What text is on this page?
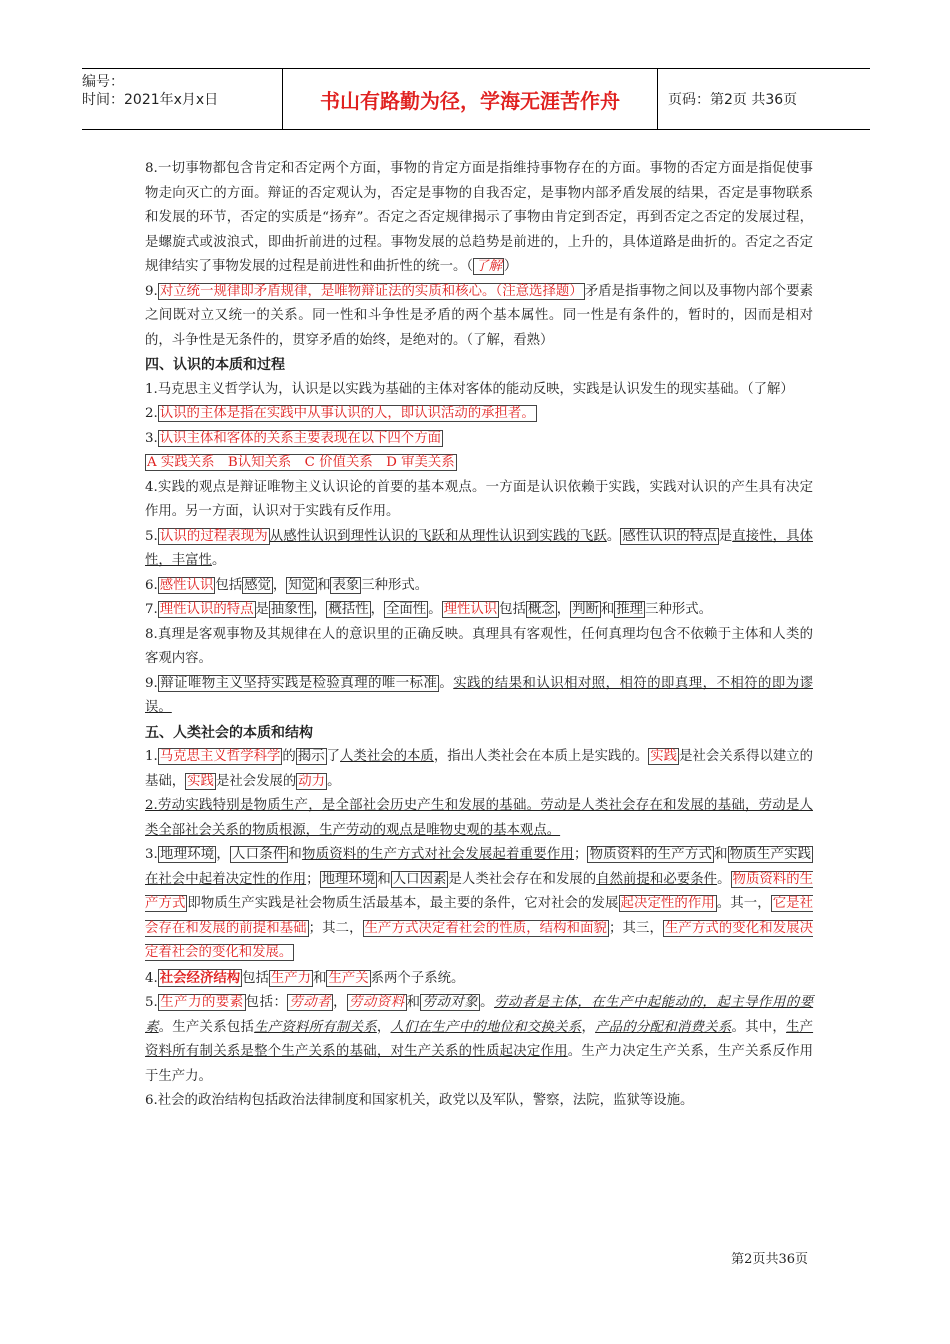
编号：
时间：2021年x月x日	书山有路勤为径，学海无涯苦作舟	页码：第2页 共36页
8.一切事物都包含肯定和否定两个方面，事物的肯定方面是指维持事物存在的方面。事物的否定方面是指促使事物走向灭亡的方面。辩证的否定观认为，否定是事物的自我否定，是事物内部矛盾发展的结果，否定是事物联系和发展的环节，否定的实质是“扬弃”。否定之否定规律揭示了事物由肯定到否定，再到否定之否定的发展过程，是螺旋式或波浪式，即曲折前进的过程。事物发展的总趋势是前进的，上升的，具体道路是曲折的。否定之否定规律结实了事物发展的过程是前进性和曲折性的统一。（ 了解 ）
9. 对立统一规律即矛盾规律，是唯物辩证法的实质和核心。（注意选择题） 矛盾是指事物之间以及事物内部个要素之间既对立又统一的关系。同一性和斗争性是矛盾的两个基本属性。同一性是有条件的，暂时的，因而是相对的，斗争性是无条件的，贯穿矛盾的始终，是绝对的。（了解，看熟）
四、认识的本质和过程
1.马克思主义哲学认为，认识是以实践为基础的主体对客体的能动反映，实践是认识发生的现实基础。（了解）
2. 认识的主体是指在实践中从事认识的人，即认识活动的承担者。
3. 认识主体和客体的关系主要表现在以下四个方面
A 实践关系　B认知关系　C 价值关系　D 审美关系
4.实践的观点是辩证唯物主义认识论的首要的基本观点。一方面是认识依赖于实践，实践对认识的产生具有决定作用。另一方面，认识对于实践有反作用。
5. 认识的过程表现为 从感性认识到理性认识的飞跃和从理性认识到实践的飞跃。 感性认识的特点 是直接性，具体性，丰富性。
6. 感性认识 包括 感觉 ， 知觉 和 表象 三种形式。
7. 理性认识的特点 是 抽象性 ， 概括性 ， 全面性 。 理性认识 包括 概念 ， 判断 和 推理 三种形式。
8.真理是客观事物及其规律在人的意识里的正确反映。真理具有客观性，任何真理均包含不依赖于主体和人类的客观内容。
9. 辩证唯物主义坚持实践是检验真理的唯一标准 。实践的结果和认识相对照，相符的即真理，不相符的即为谬误。
五、人类社会的本质和结构
1. 马克思主义哲学科学 的 揭示 了人类社会的本质，指出人类社会在本质上是实践的。 实践 是社会关系得以建立的基础， 实践 是社会发展的 动力 。
2.劳动实践特别是物质生产，是全部社会历史产生和发展的基础。劳动是人类社会存在和发展的基础，劳动是人类全部社会关系的物质根源，生产劳动的观点是唯物史观的基本观点。
3. 地理环境 ， 人口条件 和物质资料的生产方式对社会发展起着重要作用； 物质资料的生产方式 和 物质生产实践在社会中起着决定性的作用； 地理环境 和 人口因素 是人类社会存在和发展的自然前提和必要条件。 物质资料的生产方式 即物质生产实践是社会物质生活最基本，最主要的条件，它对社会的发展 起决定性的作用 。其一， 它是社会存在和发展的前提和基础 ；其二， 生产方式决定着社会的性质，结构和面貌 ；其三， 生产方式的变化和发展决定着社会的变化和发展。
4. 社会经济结构 包括 生产力 和 生产关 系两个子系统。
5. 生产力的要素 包括： 劳动者 ， 劳动资料 和 劳动对象 。劳动者是主体，在生产中起能动的，起主导作用的要素。生产关系包括生产资料所有制关系，人们在生产中的地位和交换关系，产品的分配和消费关系。其中，生产资料所有制关系是整个生产关系的基础，对生产关系的性质起决定作用。生产力决定生产关系，生产关系反作用于生产力。
6.社会的政治结构包括政治法律制度和国家机关，政党以及军队，警察，法院，监狱等设施。
第2页共36页
